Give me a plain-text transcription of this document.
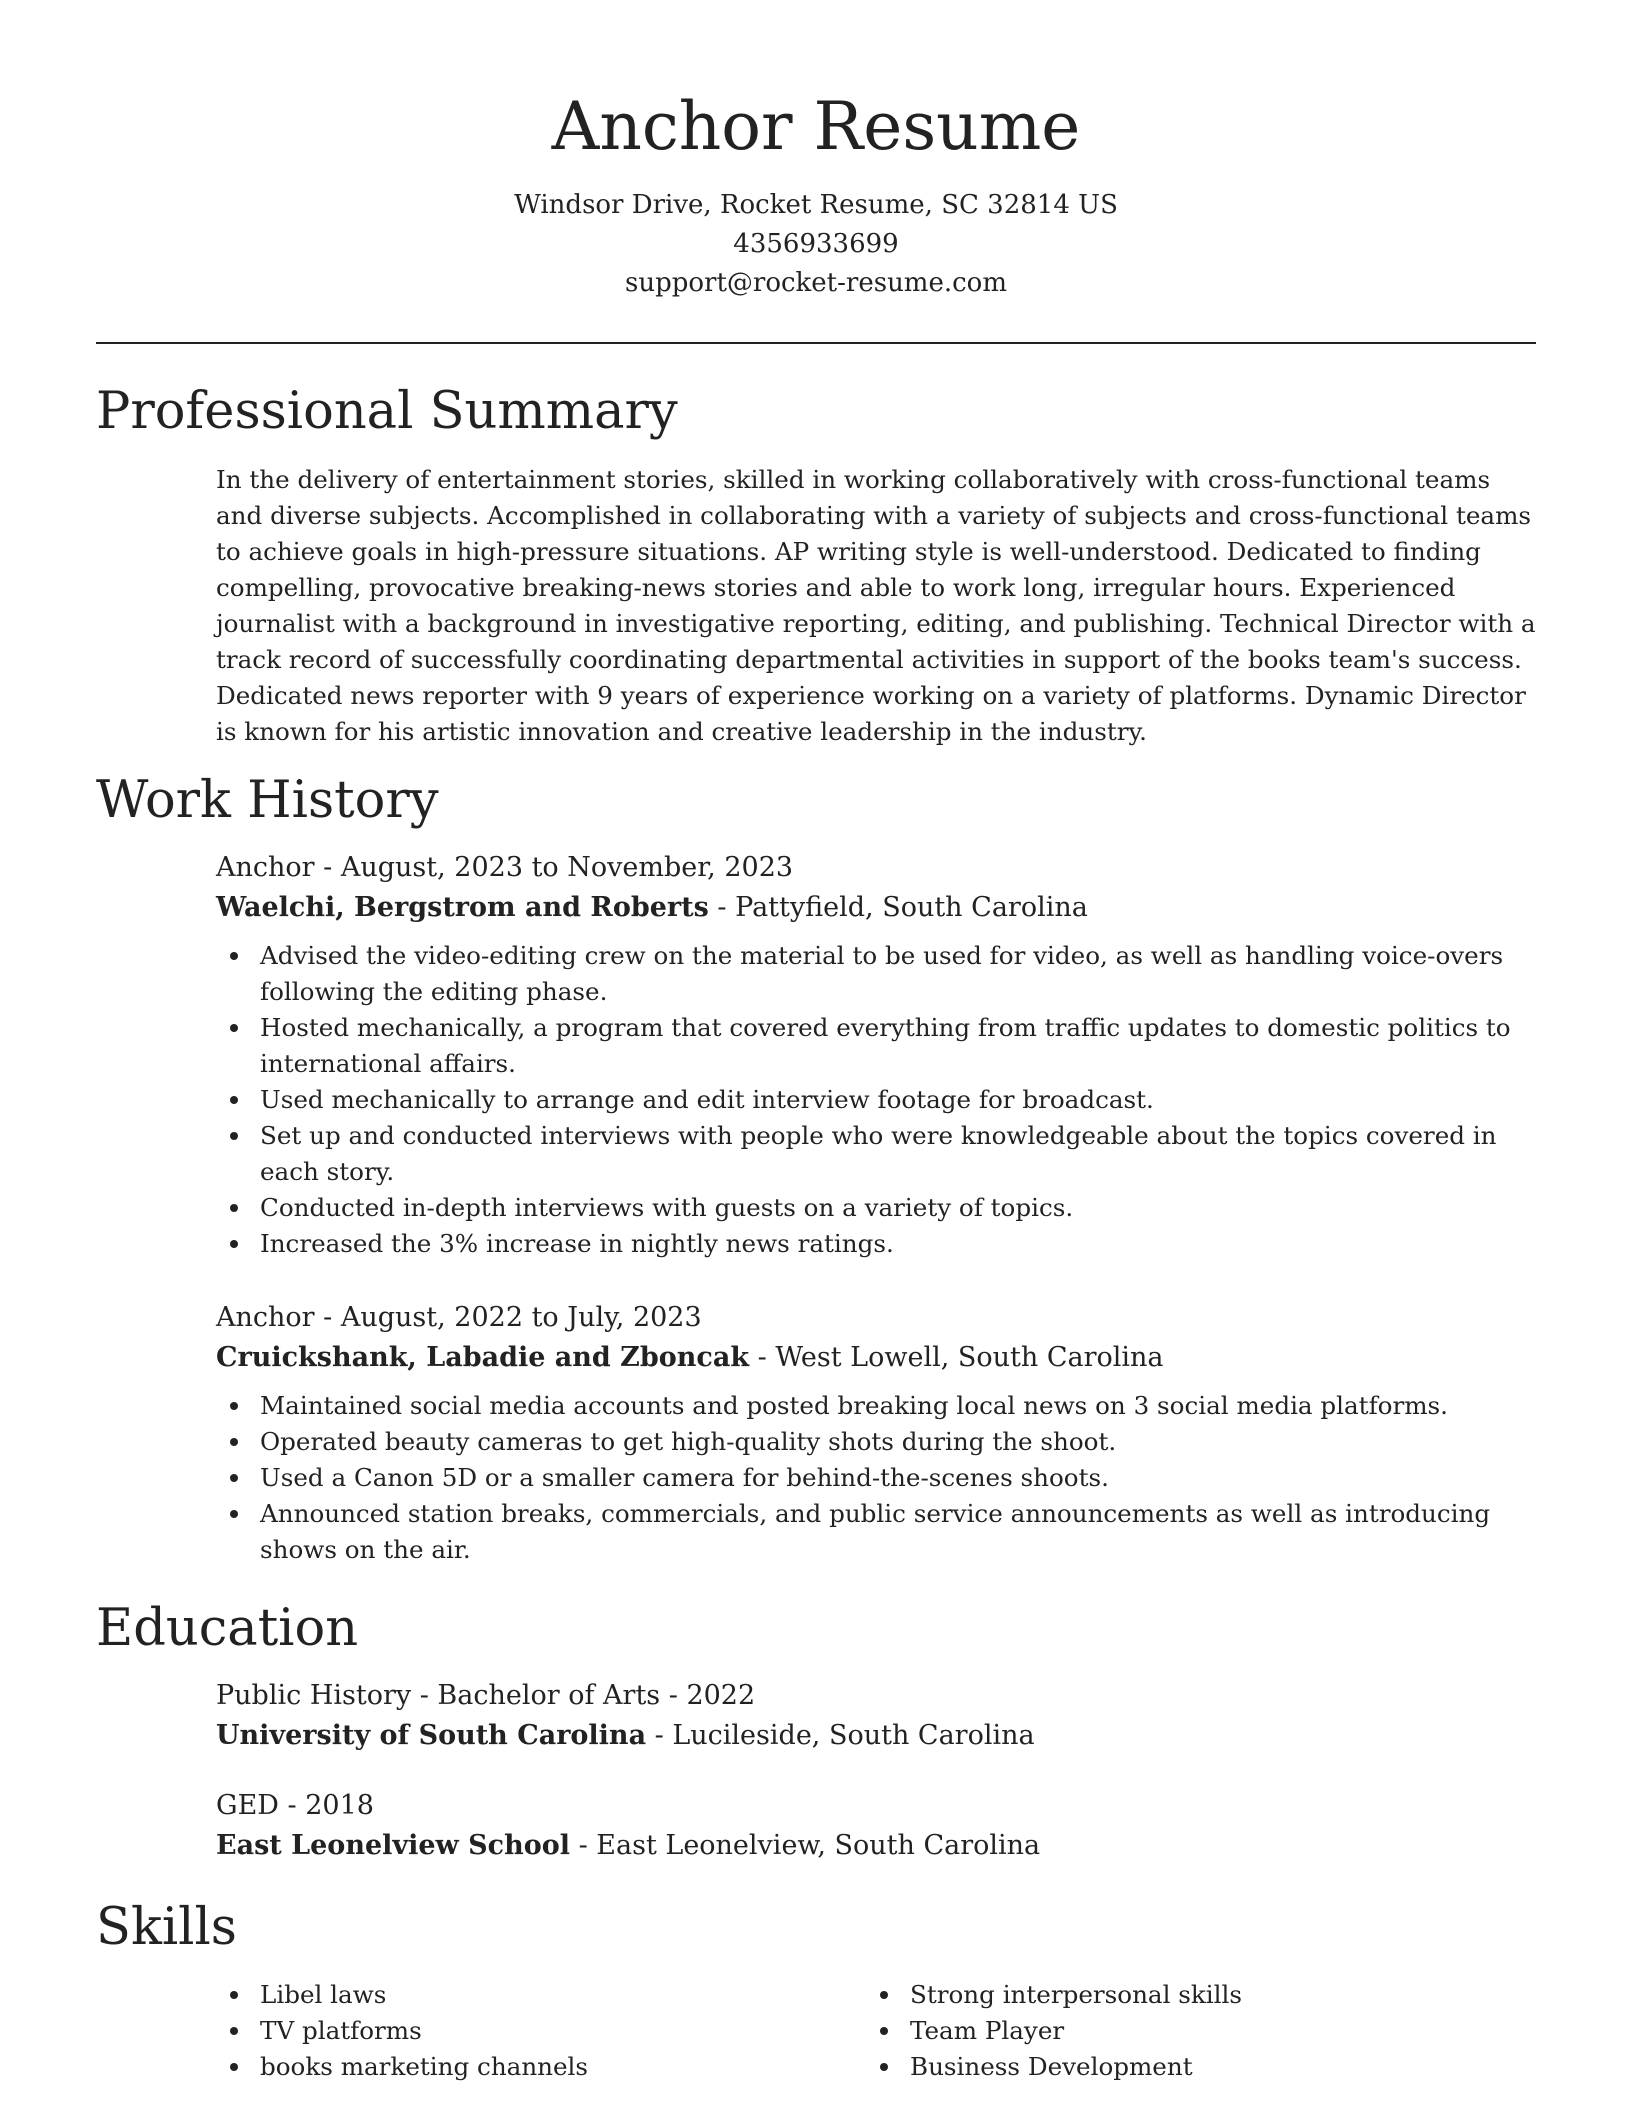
Anchor Resume
Windsor Drive, Rocket Resume, SC 32814 US
4356933699
support@rocket-resume.com
Professional Summary

In the delivery of entertainment stories, skilled in working collaboratively with cross-functional teams and diverse subjects. Accomplished in collaborating with a variety of subjects and cross-functional teams to achieve goals in high-pressure situations. AP writing style is well-understood. Dedicated to finding compelling, provocative breaking-news stories and able to work long, irregular hours. Experienced journalist with a background in investigative reporting, editing, and publishing. Technical Director with a track record of successfully coordinating departmental activities in support of the books team's success. Dedicated news reporter with 9 years of experience working on a variety of platforms. Dynamic Director is known for his artistic innovation and creative leadership in the industry.

Work History
Anchor - August, 2023 to November, 2023
Waelchi, Bergstrom and Roberts - Pattyfield, South Carolina
Advised the video-editing crew on the material to be used for video, as well as handling voice-overs following the editing phase.
Hosted mechanically, a program that covered everything from traffic updates to domestic politics to international affairs.
Used mechanically to arrange and edit interview footage for broadcast.
Set up and conducted interviews with people who were knowledgeable about the topics covered in each story.
Conducted in-depth interviews with guests on a variety of topics.
Increased the 3% increase in nightly news ratings.
Anchor - August, 2022 to July, 2023
Cruickshank, Labadie and Zboncak - West Lowell, South Carolina
Maintained social media accounts and posted breaking local news on 3 social media platforms.
Operated beauty cameras to get high-quality shots during the shoot.
Used a Canon 5D or a smaller camera for behind-the-scenes shoots.
Announced station breaks, commercials, and public service announcements as well as introducing shows on the air.
Education
Public History - Bachelor of Arts - 2022
University of South Carolina - Lucileside, South Carolina
GED - 2018
East Leonelview School - East Leonelview, South Carolina
Skills
Libel laws
TV platforms
books marketing channels
Strong interpersonal skills
Team Player
Business Development
